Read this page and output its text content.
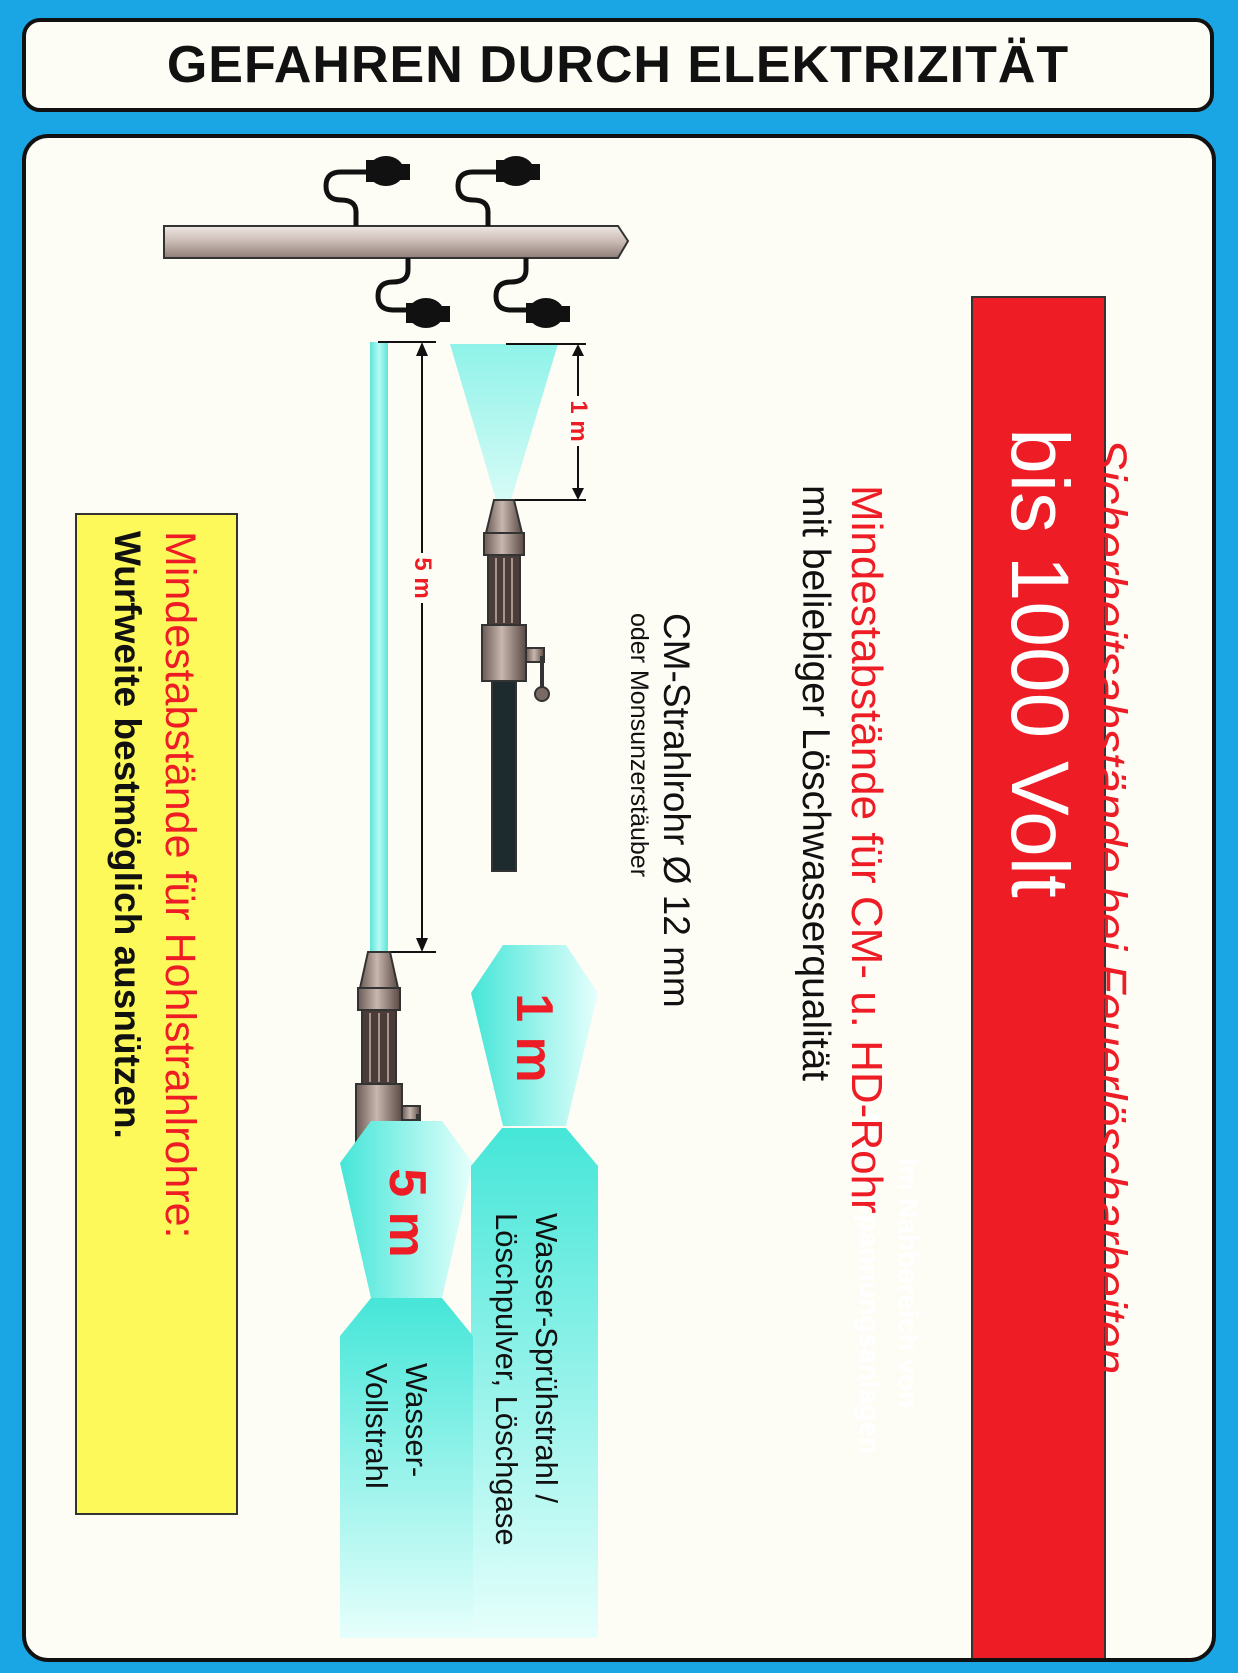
GEFAHREN DURCH ELEKTRIZITÄT
bis 1000 Volt
Im Nahbereich von
Niederspannungsanlagen	Sicherheitsabstände bei Feuerlöscharbeiten
Mindestabstände für CM- u. HD-Rohr
mit beliebiger Löschwasserqualität
CM-Strahlrohr Ø 12 mm
oder Monsunzerstäuber
1 m
5 m
1 m
5 m
Wasser-Sprühstrahl /
Löschpulver, Löschgase
Wasser-
Vollstrahl
Mindestabstände für Hohlstrahlrohre:
Wurfweite bestmöglich ausnützen.
